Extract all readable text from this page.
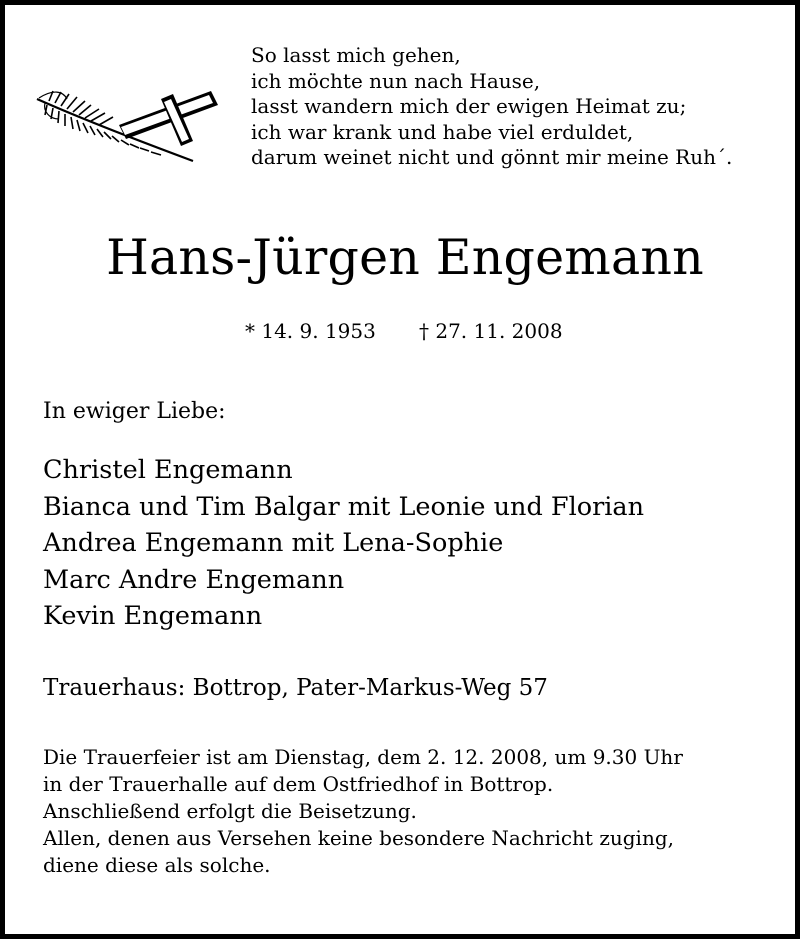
So lasst mich gehen,
ich möchte nun nach Hause,
lasst wandern mich der ewigen Heimat zu;
ich war krank und habe viel erduldet,
darum weinet nicht und gönnt mir meine Ruh´.
Hans-Jürgen Engemann
* 14. 9. 1953 † 27. 11. 2008
In ewiger Liebe:
Christel Engemann
Bianca und Tim Balgar mit Leonie und Florian
Andrea Engemann mit Lena-Sophie
Marc Andre Engemann
Kevin Engemann
Trauerhaus: Bottrop, Pater-Markus-Weg 57
Die Trauerfeier ist am Dienstag, dem 2. 12. 2008, um 9.30 Uhr
in der Trauerhalle auf dem Ostfriedhof in Bottrop.
Anschließend erfolgt die Beisetzung.
Allen, denen aus Versehen keine besondere Nachricht zuging,
diene diese als solche.
